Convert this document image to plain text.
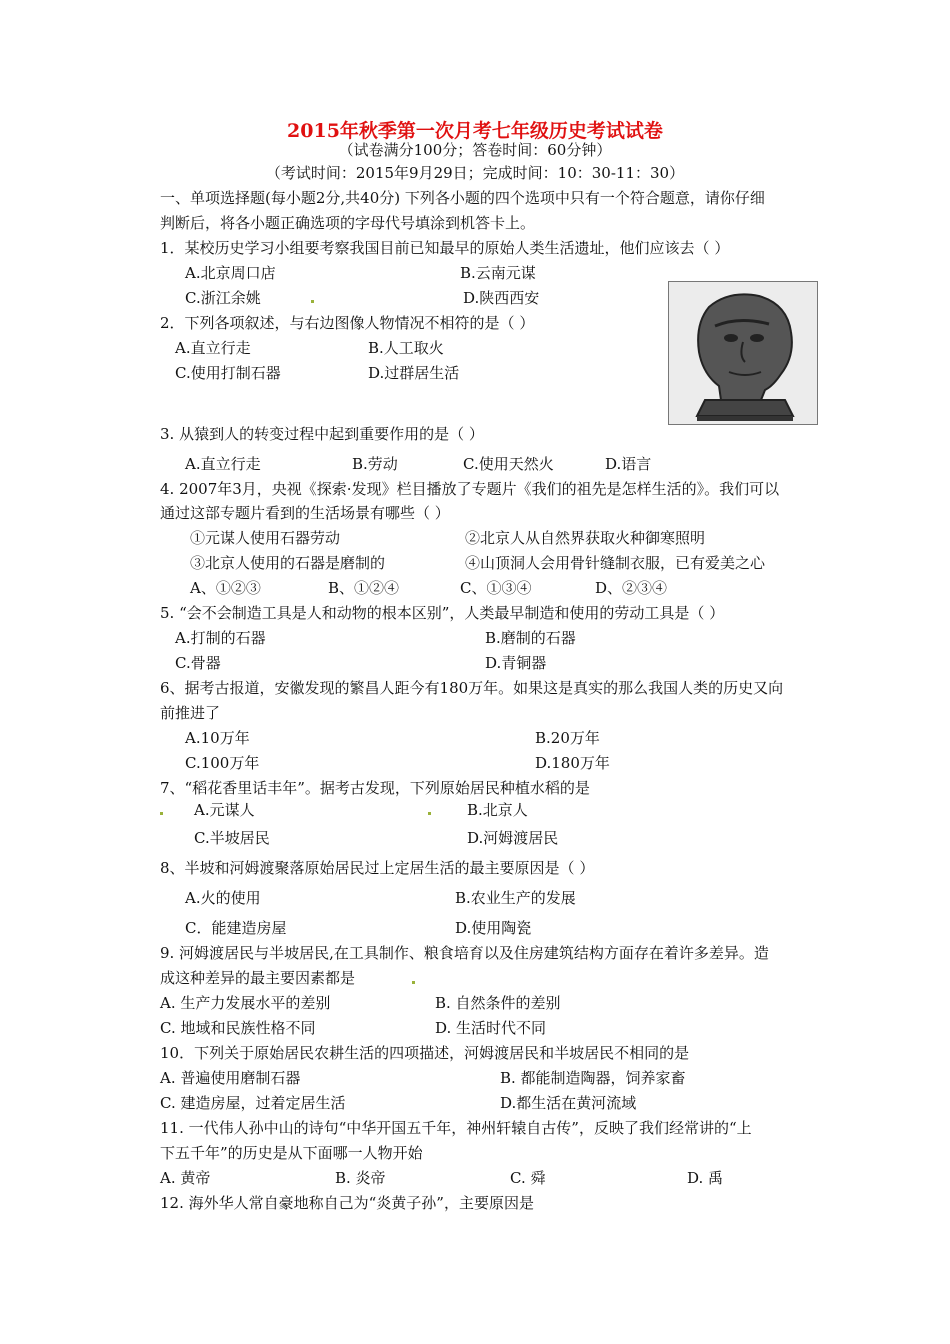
2015年秋季第一次月考七年级历史考试试卷
（试卷满分100分；答卷时间：60分钟）
（考试时间：2015年9月29日；完成时间：10：30-11：30）
一、单项选择题(每小题2分,共40分) 下列各小题的四个选项中只有一个符合题意，请你仔细
判断后，将各小题正确选项的字母代号填涂到机答卡上。
1．某校历史学习小组要考察我国目前已知最早的原始人类生活遗址，他们应该去（ ）
A.北京周口店	B.云南元谋
C.浙江余姚	D.陕西西安
2．下列各项叙述，与右边图像人物情况不相符的是（ ）
A.直立行走	B.人工取火
C.使用打制石器	D.过群居生活
3. 从猿到人的转变过程中起到重要作用的是（ ）
A.直立行走	B.劳动	C.使用天然火	D.语言
4. 2007年3月，央视《探索·发现》栏目播放了专题片《我们的祖先是怎样生活的》。我们可以
通过这部专题片看到的生活场景有哪些（ ）
①元谋人使用石器劳动	②北京人从自然界获取火种御寒照明
③北京人使用的石器是磨制的	④山顶洞人会用骨针缝制衣服，已有爱美之心
A、①②③	B、①②④	C、①③④	D、②③④
5. “会不会制造工具是人和动物的根本区别”，人类最早制造和使用的劳动工具是（ ）
A.打制的石器	B.磨制的石器
C.骨器	D.青铜器
6、据考古报道，安徽发现的繁昌人距今有180万年。如果这是真实的那么我国人类的历史又向
前推进了
A.10万年	B.20万年
C.100万年	D.180万年
7、“稻花香里话丰年”。据考古发现，下列原始居民种植水稻的是
A.元谋人	B.北京人
C.半坡居民	D.河姆渡居民
8、半坡和河姆渡聚落原始居民过上定居生活的最主要原因是（ ）
A.火的使用	B.农业生产的发展
C．能建造房屋	D.使用陶瓷
9. 河姆渡居民与半坡居民,在工具制作、粮食培育以及住房建筑结构方面存在着许多差异。造
成这种差异的最主要因素都是
A. 生产力发展水平的差别	B. 自然条件的差别
C. 地域和民族性格不同	D. 生活时代不同
10．下列关于原始居民农耕生活的四项描述，河姆渡居民和半坡居民不相同的是
A. 普遍使用磨制石器	B. 都能制造陶器，饲养家畜
C. 建造房屋，过着定居生活	D.都生活在黄河流域
11. 一代伟人孙中山的诗句“中华开国五千年，神州轩辕自古传”，反映了我们经常讲的“上
下五千年”的历史是从下面哪一人物开始
A. 黄帝	B. 炎帝	C. 舜	D. 禹
12. 海外华人常自豪地称自己为“炎黄子孙”，主要原因是
